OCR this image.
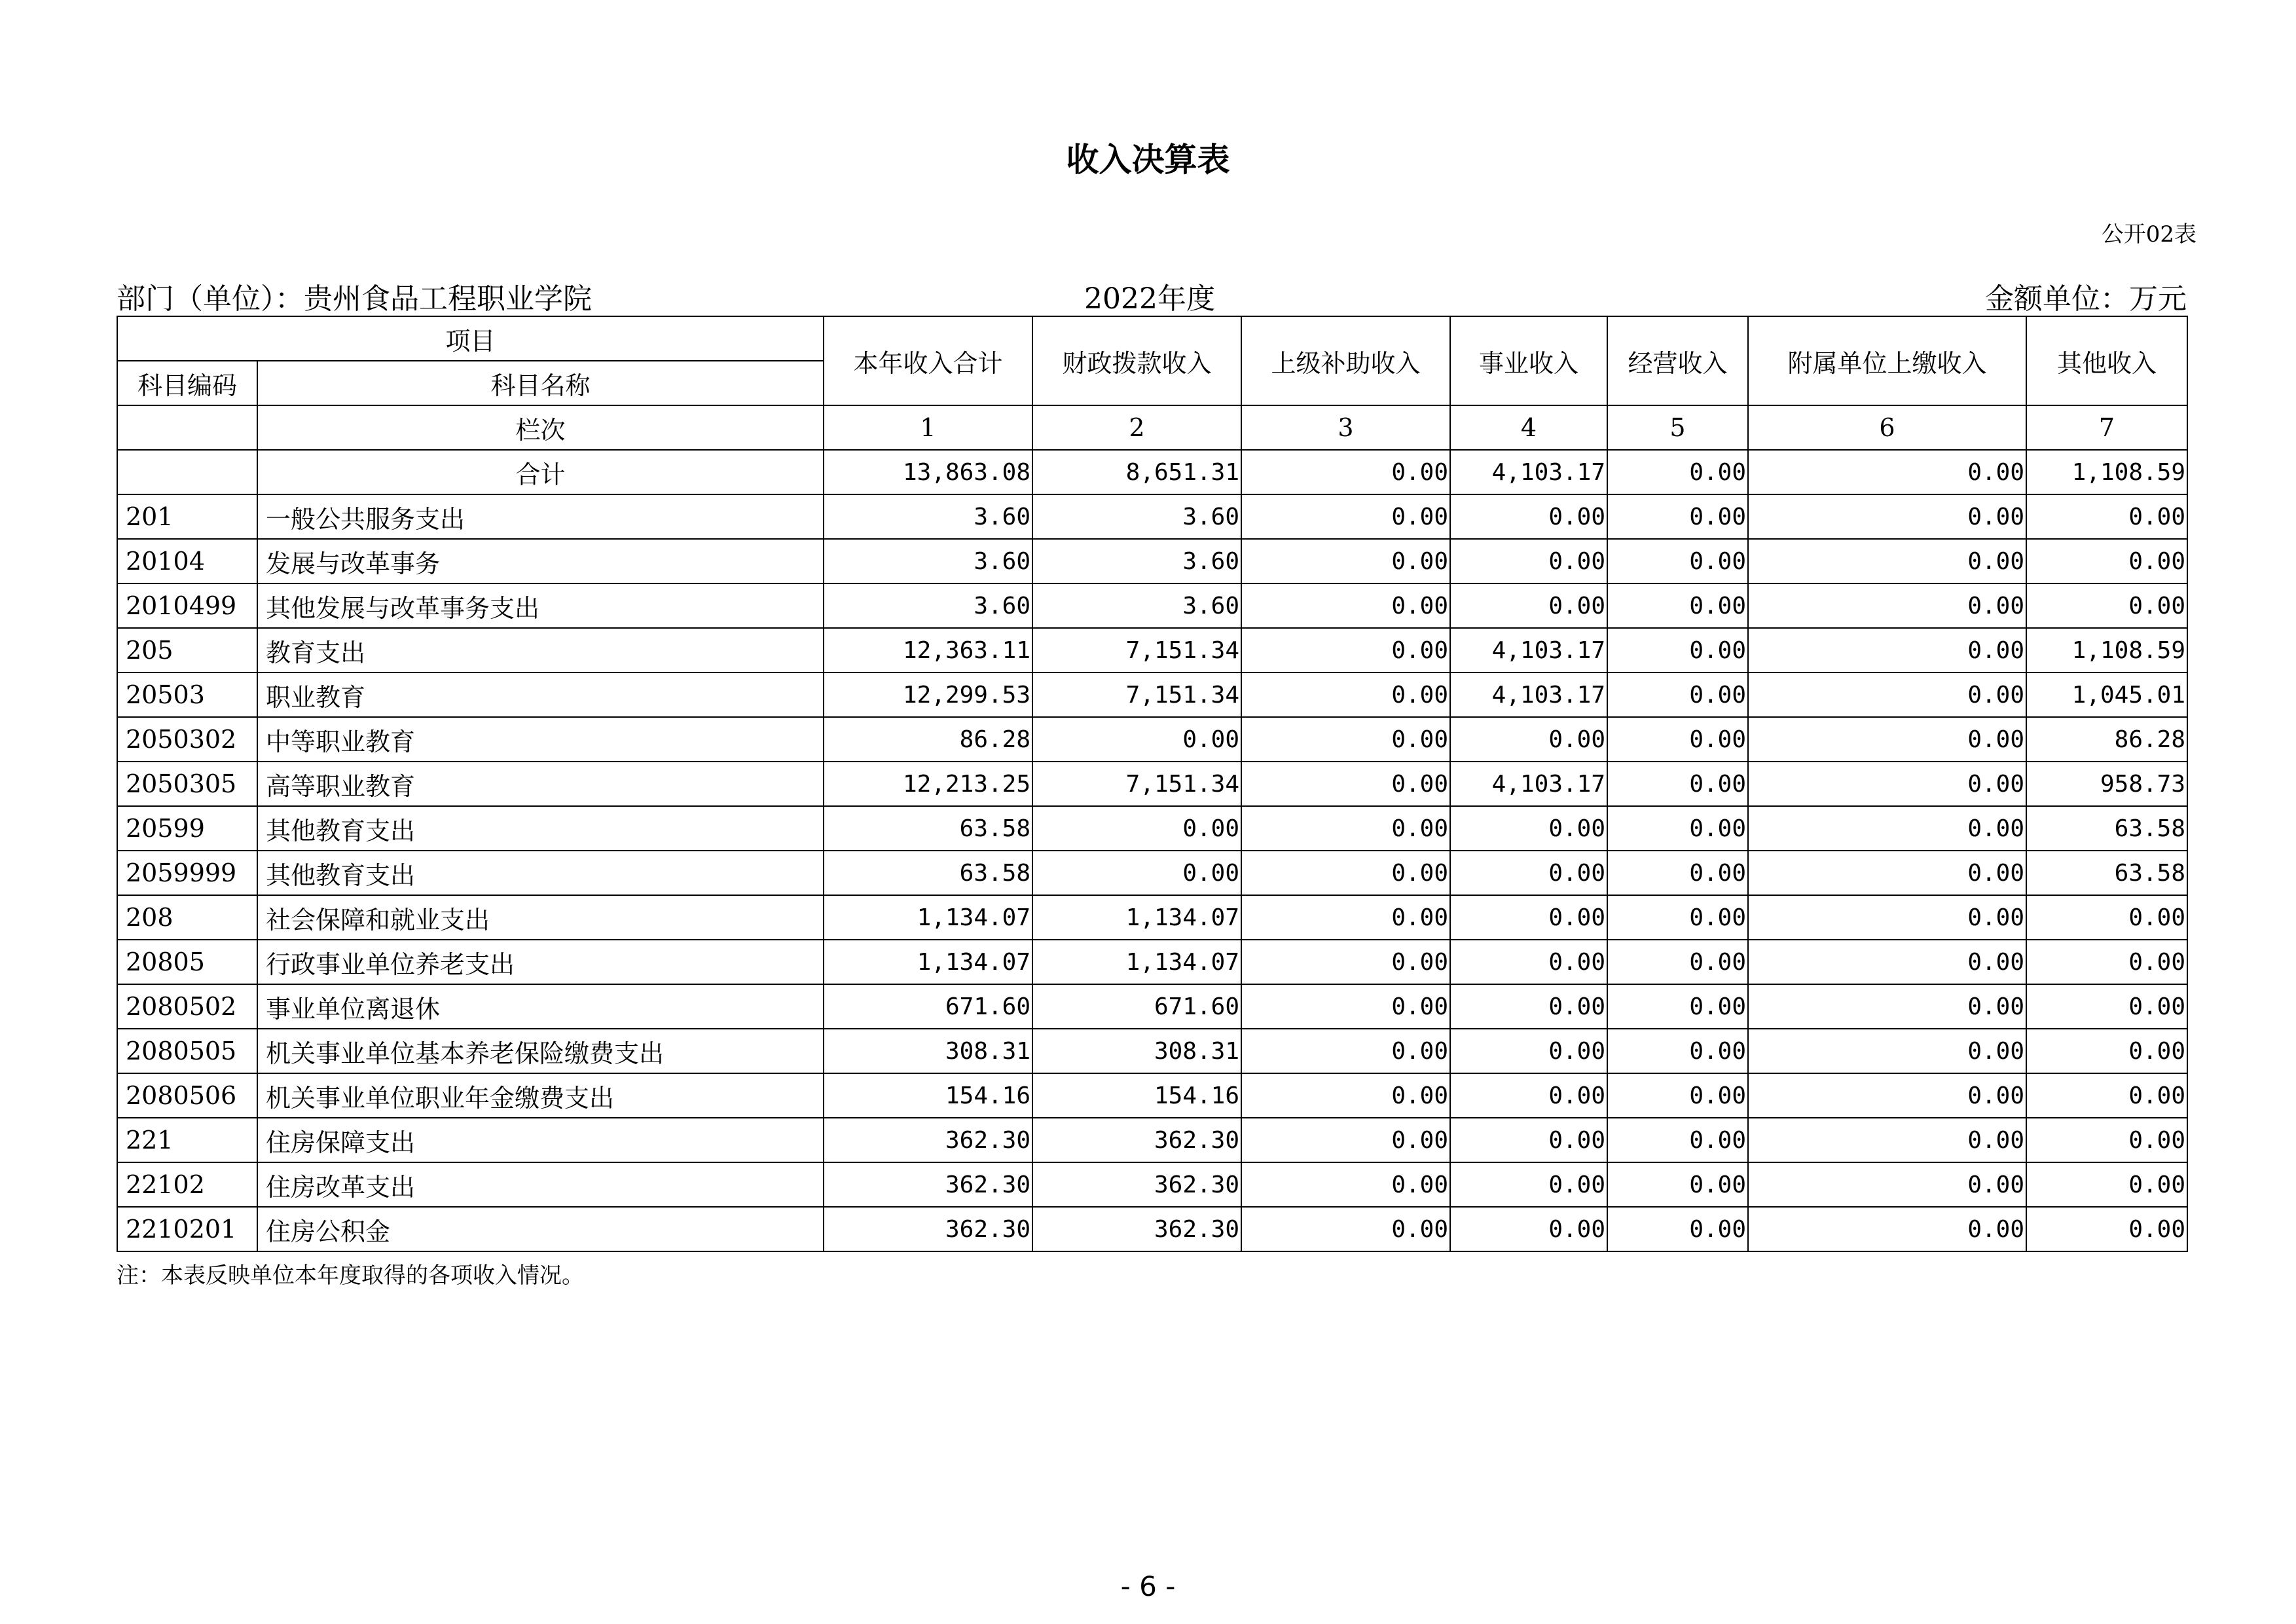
收入决算表
公开02表
部门（单位）：贵州食品工程职业学院	2022年度	金额单位：万元
项目		本年收入合计	财政拨款收入	上级补助收入	事业收入	经营收入	附属单位上缴收入	其他收入
科目编码	科目名称							
	栏次	1	2	3	4	5	6	7
	合计	13,863.08	8,651.31	0.00	4,103.17	0.00	0.00	1,108.59
201	一般公共服务支出	3.60	3.60	0.00	0.00	0.00	0.00	0.00
20104	发展与改革事务	3.60	3.60	0.00	0.00	0.00	0.00	0.00
2010499	其他发展与改革事务支出	3.60	3.60	0.00	0.00	0.00	0.00	0.00
205	教育支出	12,363.11	7,151.34	0.00	4,103.17	0.00	0.00	1,108.59
20503	职业教育	12,299.53	7,151.34	0.00	4,103.17	0.00	0.00	1,045.01
2050302	中等职业教育	86.28	0.00	0.00	0.00	0.00	0.00	86.28
2050305	高等职业教育	12,213.25	7,151.34	0.00	4,103.17	0.00	0.00	958.73
20599	其他教育支出	63.58	0.00	0.00	0.00	0.00	0.00	63.58
2059999	其他教育支出	63.58	0.00	0.00	0.00	0.00	0.00	63.58
208	社会保障和就业支出	1,134.07	1,134.07	0.00	0.00	0.00	0.00	0.00
20805	行政事业单位养老支出	1,134.07	1,134.07	0.00	0.00	0.00	0.00	0.00
2080502	事业单位离退休	671.60	671.60	0.00	0.00	0.00	0.00	0.00
2080505	机关事业单位基本养老保险缴费支出	308.31	308.31	0.00	0.00	0.00	0.00	0.00
2080506	机关事业单位职业年金缴费支出	154.16	154.16	0.00	0.00	0.00	0.00	0.00
221	住房保障支出	362.30	362.30	0.00	0.00	0.00	0.00	0.00
22102	住房改革支出	362.30	362.30	0.00	0.00	0.00	0.00	0.00
2210201	住房公积金	362.30	362.30	0.00	0.00	0.00	0.00	0.00
注：本表反映单位本年度取得的各项收入情况。
- 6 -
